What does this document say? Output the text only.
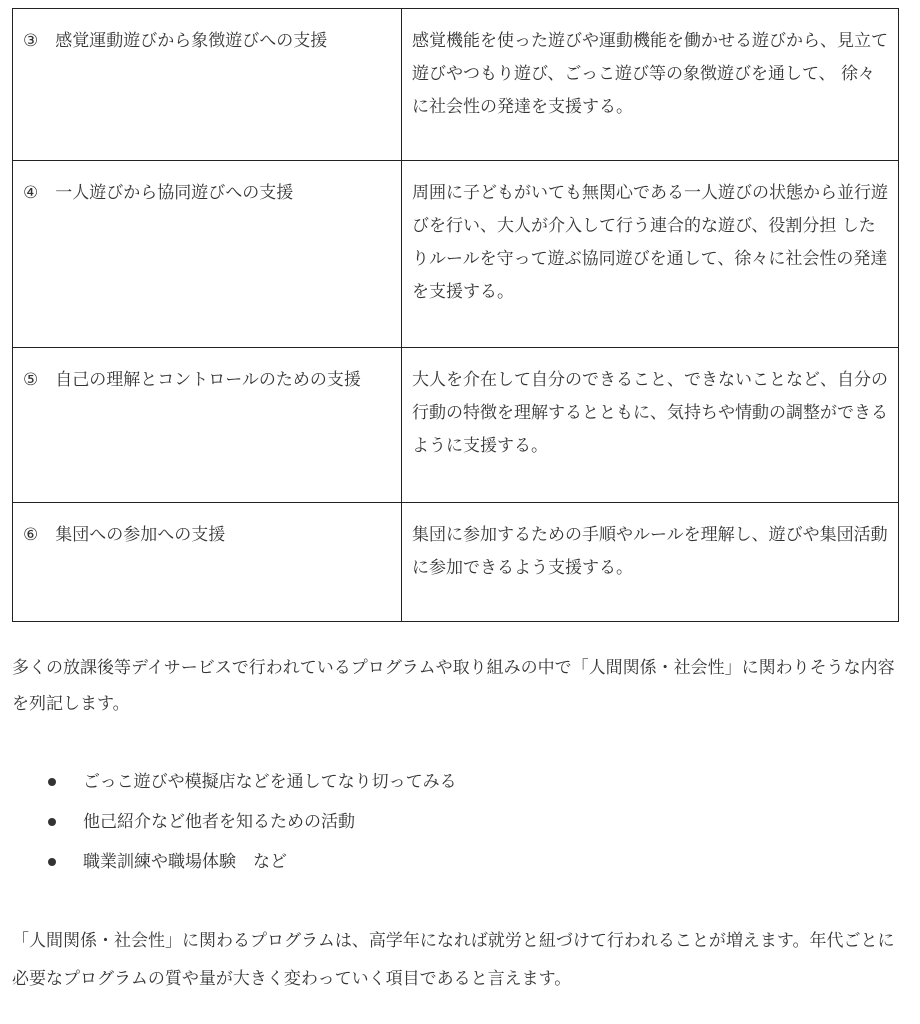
③　感覚運動遊びから象徴遊びへの支援	感覚機能を使った遊びや運動機能を働かせる遊びから、見立て遊びやつもり遊び、ごっこ遊び等の象徴遊びを通して、 徐々に社会性の発達を支援する。
④　一人遊びから協同遊びへの支援	周囲に子どもがいても無関心である一人遊びの状態から並行遊びを行い、大人が介入して行う連合的な遊び、役割分担 したりルールを守って遊ぶ協同遊びを通して、徐々に社会性の発達を支援する。
⑤　自己の理解とコントロールのための支援	大人を介在して自分のできること、できないことなど、自分の行動の特徴を理解するとともに、気持ちや情動の調整ができるように支援する。
⑥　集団への参加への支援	集団に参加するための手順やルールを理解し、遊びや集団活動に参加できるよう支援する。

多くの放課後等デイサービスで行われているプログラムや取り組みの中で「人間関係・社会性」に関わりそうな内容を列記します。

ごっこ遊びや模擬店などを通してなり切ってみる
他己紹介など他者を知るための活動
職業訓練や職場体験　など

「人間関係・社会性」に関わるプログラムは、高学年になれば就労と紐づけて行われることが増えます。年代ごとに必要なプログラムの質や量が大きく変わっていく項目であると言えます。
